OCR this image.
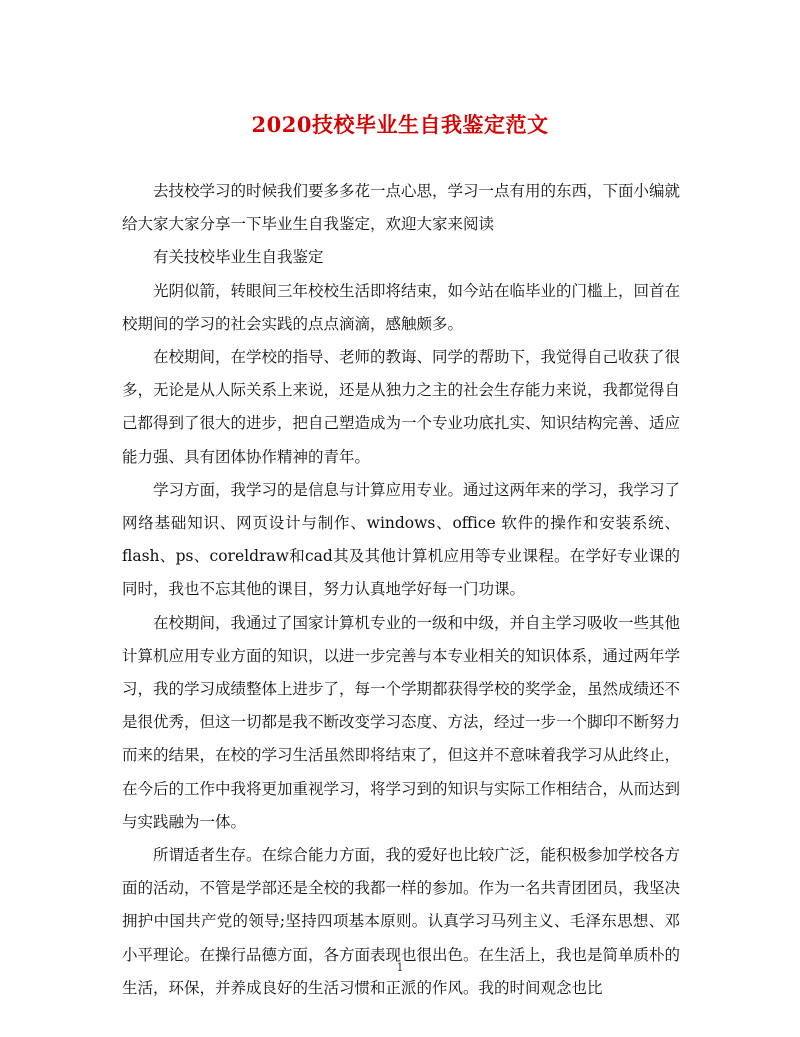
2020技校毕业生自我鉴定范文

去技校学习的时候我们要多多花一点心思，学习一点有用的东西，下面小编就给大家大家分享一下毕业生自我鉴定，欢迎大家来阅读

有关技校毕业生自我鉴定

光阴似箭，转眼间三年校校生活即将结束，如今站在临毕业的门槛上，回首在校期间的学习的社会实践的点点滴滴，感触颇多。

在校期间，在学校的指导、老师的教诲、同学的帮助下，我觉得自己收获了很多，无论是从人际关系上来说，还是从独力之主的社会生存能力来说，我都觉得自己都得到了很大的进步，把自己塑造成为一个专业功底扎实、知识结构完善、适应能力强、具有团体协作精神的青年。

学习方面，我学习的是信息与计算应用专业。通过这两年来的学习，我学习了网络基础知识、网页设计与制作、windows、office 软件的操作和安装系统、flash、ps、coreldraw和cad其及其他计算机应用等专业课程。在学好专业课的同时，我也不忘其他的课目，努力认真地学好每一门功课。

在校期间，我通过了国家计算机专业的一级和中级，并自主学习吸收一些其他计算机应用专业方面的知识，以进一步完善与本专业相关的知识体系，通过两年学习，我的学习成绩整体上进步了，每一个学期都获得学校的奖学金，虽然成绩还不是很优秀，但这一切都是我不断改变学习态度、方法，经过一步一个脚印不断努力而来的结果，在校的学习生活虽然即将结束了，但这并不意味着我学习从此终止，在今后的工作中我将更加重视学习，将学习到的知识与实际工作相结合，从而达到与实践融为一体。

所谓适者生存。在综合能力方面，我的爱好也比较广泛，能积极参加学校各方面的活动，不管是学部还是全校的我都一样的参加。作为一名共青团团员，我坚决拥护中国共产党的领导;坚持四项基本原则。认真学习马列主义、毛泽东思想、邓小平理论。在操行品德方面，各方面表现也很出色。在生活上，我也是简单质朴的生活，环保，并养成良好的生活习惯和正派的作风。我的时间观念也比

1
